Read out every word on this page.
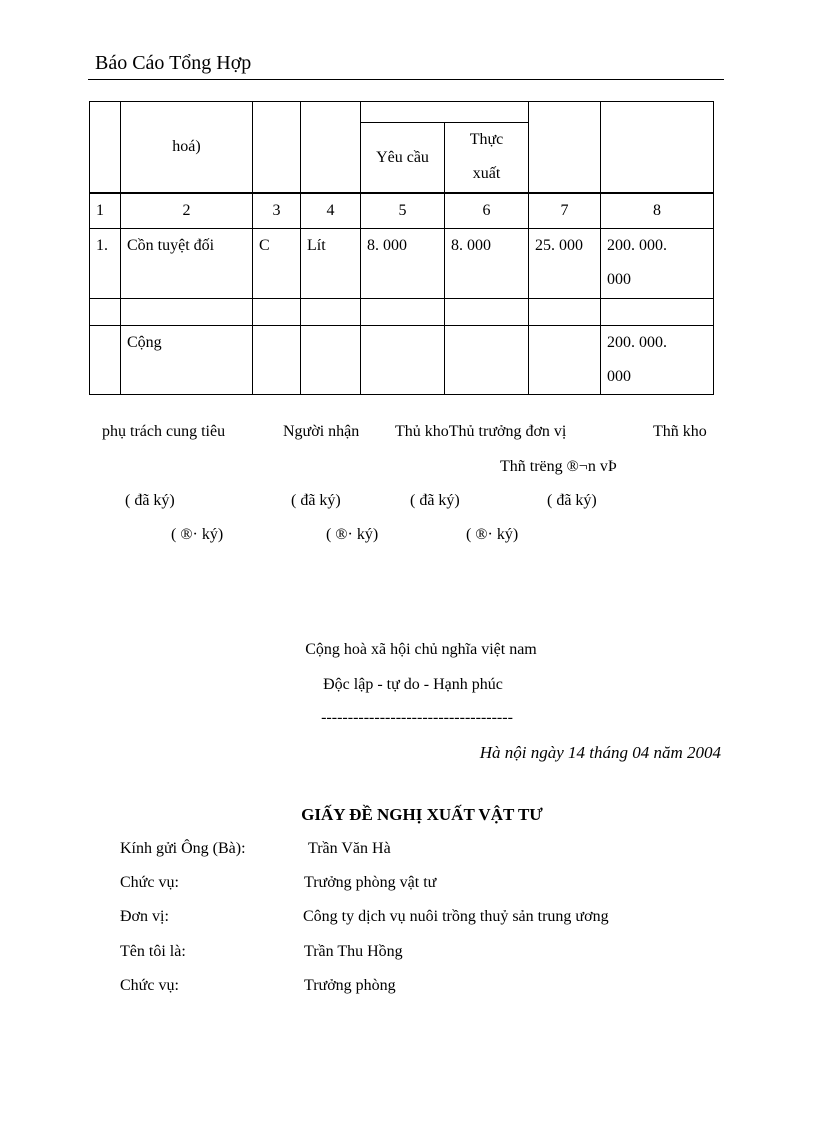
Báo Cáo Tổng Hợp
	hoá)						
				Yêu cầu	Thực
xuất		

1	2	3	4	5	6	7	8
1.	Cồn tuyệt đối	C	Lít	8. 000	8. 000	25. 000	200. 000.
000

	Cộng						200. 000.
000
phụ trách cung tiêu	Người nhận Thủ khoThủ trưởng đơn vị	Thñ kho
Thñ trëng ®¬n vÞ
( đã ký)	( đã ký)	( đã ký)	( đã ký)
( ®· ký)	( ®· ký)	( ®· ký)
Cộng hoà xã hội chủ nghĩa việt nam
Độc lập - tự do - Hạnh phúc
------------------------------------
Hà nội ngày 14 tháng 04 năm 2004
GIẤY ĐỀ NGHỊ XUẤT VẬT TƯ
Kính gửi Ông (Bà):	Trần Văn Hà
Chức vụ:	Trưởng phòng vật tư
Đơn vị:	Công ty dịch vụ nuôi trồng thuỷ sản trung ương
Tên tôi là:	Trần Thu Hồng
Chức vụ:	Trưởng phòng
